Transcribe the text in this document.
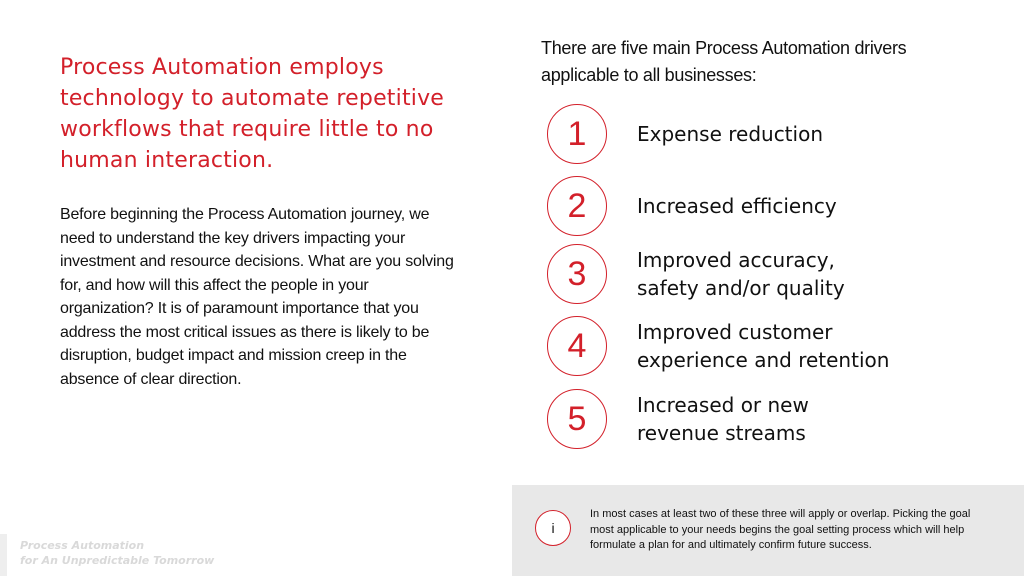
Process Automation employs technology to automate repetitive workflows that require little to no human interaction.
Before beginning the Process Automation journey, we need to understand the key drivers impacting your investment and resource decisions. What are you solving for, and how will this affect the people in your organization? It is of paramount importance that you address the most critical issues as there is likely to be disruption, budget impact and mission creep in the absence of clear direction.
There are five main Process Automation drivers applicable to all businesses:
1	Expense reduction
2	Increased efficiency
3	Improved accuracy,
safety and/or quality
4	Improved customer
experience and retention
5	Increased or new
revenue streams
i
In most cases at least two of these three will apply or overlap. Picking the goal most applicable to your needs begins the goal setting process which will help formulate a plan for and ultimately confirm future success.
Process Automation
for An Unpredictable Tomorrow
